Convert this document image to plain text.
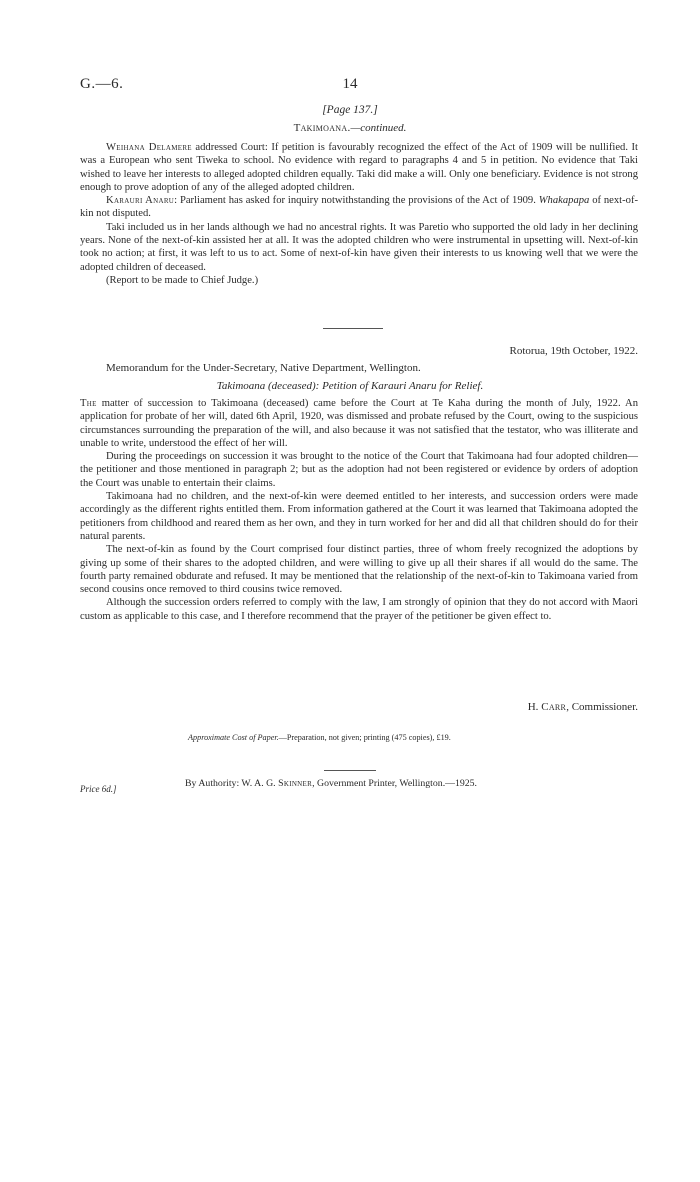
G.—6.	14
[Page 137.]
Takimoana.—continued.

Weihana Delamere addressed Court: If petition is favourably recognized the effect of the Act of 1909 will be nullified. It was a European who sent Tiweka to school. No evidence with regard to paragraphs 4 and 5 in petition. No evidence that Taki wished to leave her interests to alleged adopted children equally. Taki did make a will. Only one beneficiary. Evidence is not strong enough to prove adoption of any of the alleged adopted children.

Karauri Anaru: Parliament has asked for inquiry notwithstanding the provisions of the Act of 1909. Whakapapa of next-of-kin not disputed.

Taki included us in her lands although we had no ancestral rights. It was Paretio who supported the old lady in her declining years. None of the next-of-kin assisted her at all. It was the adopted children who were instrumental in upsetting will. Next-of-kin took no action; at first, it was left to us to act. Some of next-of-kin have given their interests to us knowing well that we were the adopted children of deceased.

(Report to be made to Chief Judge.)

Rotorua, 19th October, 1922.
Memorandum for the Under-Secretary, Native Department, Wellington.
Takimoana (deceased): Petition of Karauri Anaru for Relief.

The matter of succession to Takimoana (deceased) came before the Court at Te Kaha during the month of July, 1922. An application for probate of her will, dated 6th April, 1920, was dismissed and probate refused by the Court, owing to the suspicious circumstances surrounding the preparation of the will, and also because it was not satisfied that the testator, who was illiterate and unable to write, understood the effect of her will.

During the proceedings on succession it was brought to the notice of the Court that Takimoana had four adopted children—the petitioner and those mentioned in paragraph 2; but as the adoption had not been registered or evidence by orders of adoption the Court was unable to entertain their claims.

Takimoana had no children, and the next-of-kin were deemed entitled to her interests, and succession orders were made accordingly as the different rights entitled them. From information gathered at the Court it was learned that Takimoana adopted the petitioners from childhood and reared them as her own, and they in turn worked for her and did all that children should do for their natural parents.

The next-of-kin as found by the Court comprised four distinct parties, three of whom freely recognized the adoptions by giving up some of their shares to the adopted children, and were willing to give up all their shares if all would do the same. The fourth party remained obdurate and refused. It may be mentioned that the relationship of the next-of-kin to Takimoana varied from second cousins once removed to third cousins twice removed.

Although the succession orders referred to comply with the law, I am strongly of opinion that they do not accord with Maori custom as applicable to this case, and I therefore recommend that the prayer of the petitioner be given effect to.

H. Carr, Commissioner.
Approximate Cost of Paper.—Preparation, not given; printing (475 copies), £19.
Price 6d.]	By Authority: W. A. G. Skinner, Government Printer, Wellington.—1925.
